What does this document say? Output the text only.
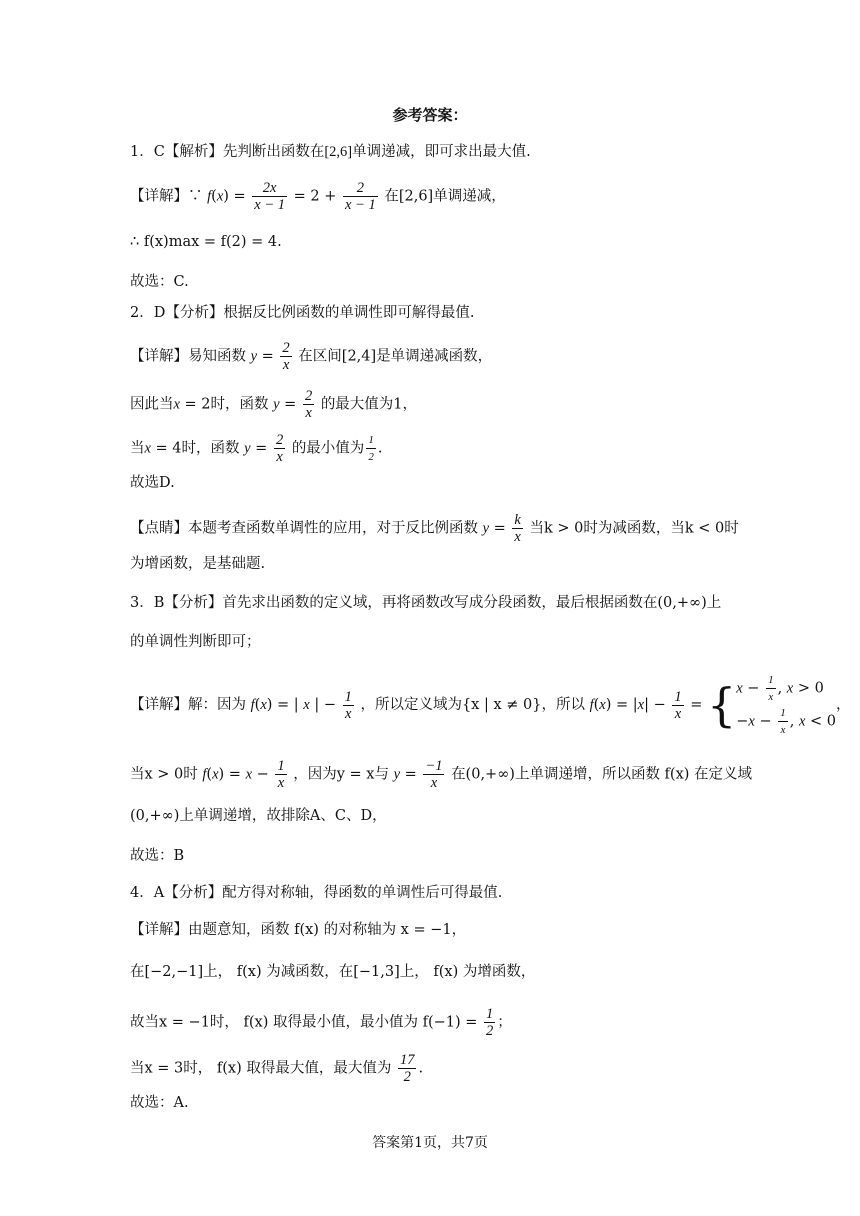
参考答案：
1．C【解析】先判断出函数在[2,6]单调递减，即可求出最大值.
【详解】∵ $f(x) = \frac{2x}{x - 1} = 2 + \frac{2}{x - 1}$ 在[2,6]单调递减，
∴ f(x)max = f(2) = 4.
故选：C.
2．D【分析】根据反比例函数的单调性即可解得最值.
【详解】易知函数 $y = \frac{2}{x}$ 在区间[2,4]是单调递减函数，
因此当x = 2时，函数 $y = \frac{2}{x}$ 的最大值为1，
当x = 4时，函数 $y = \frac{2}{x}$ 的最小值为 $\frac{1}{2}$ .
故选D.
【点睛】本题考查函数单调性的应用，对于反比例函数 $y = \frac{k}{x}$ 当k > 0时为减函数，当k < 0时
为增函数，是基础题.
3．B【分析】首先求出函数的定义域，再将函数改写成分段函数，最后根据函数在(0,+∞)上
的单调性判断即可；
【详解】解：因为 f(x) = | x | − $\frac{1}{x}$ ，所以定义域为{x | x ≠ 0}，所以 $f(x) = |x| - \frac{1}{x}$ = { $x - \frac{1}{x}$ , x > 0
$-x - \frac{1}{x}$ , x < 0
，
当x > 0时 $f(x) = x - \frac{1}{x}$ ，因为y = x与 $y = \frac{-1}{x}$ 在(0,+∞)上单调递增，所以函数 f(x) 在定义域
(0,+∞)上单调递增，故排除A、C、D，
故选：B
4．A【分析】配方得对称轴，得函数的单调性后可得最值.
【详解】由题意知，函数 f(x) 的对称轴为 x = −1，
在[−2,−1]上， f(x) 为减函数，在[−1,3]上， f(x) 为增函数，
故当x = −1时， f(x) 取得最小值，最小值为 $f(-1) = \frac{1}{2}$ ；
当x = 3时， f(x) 取得最大值，最大值为 $\frac{17}{2}$ .
故选：A.
答案第1页，共7页
